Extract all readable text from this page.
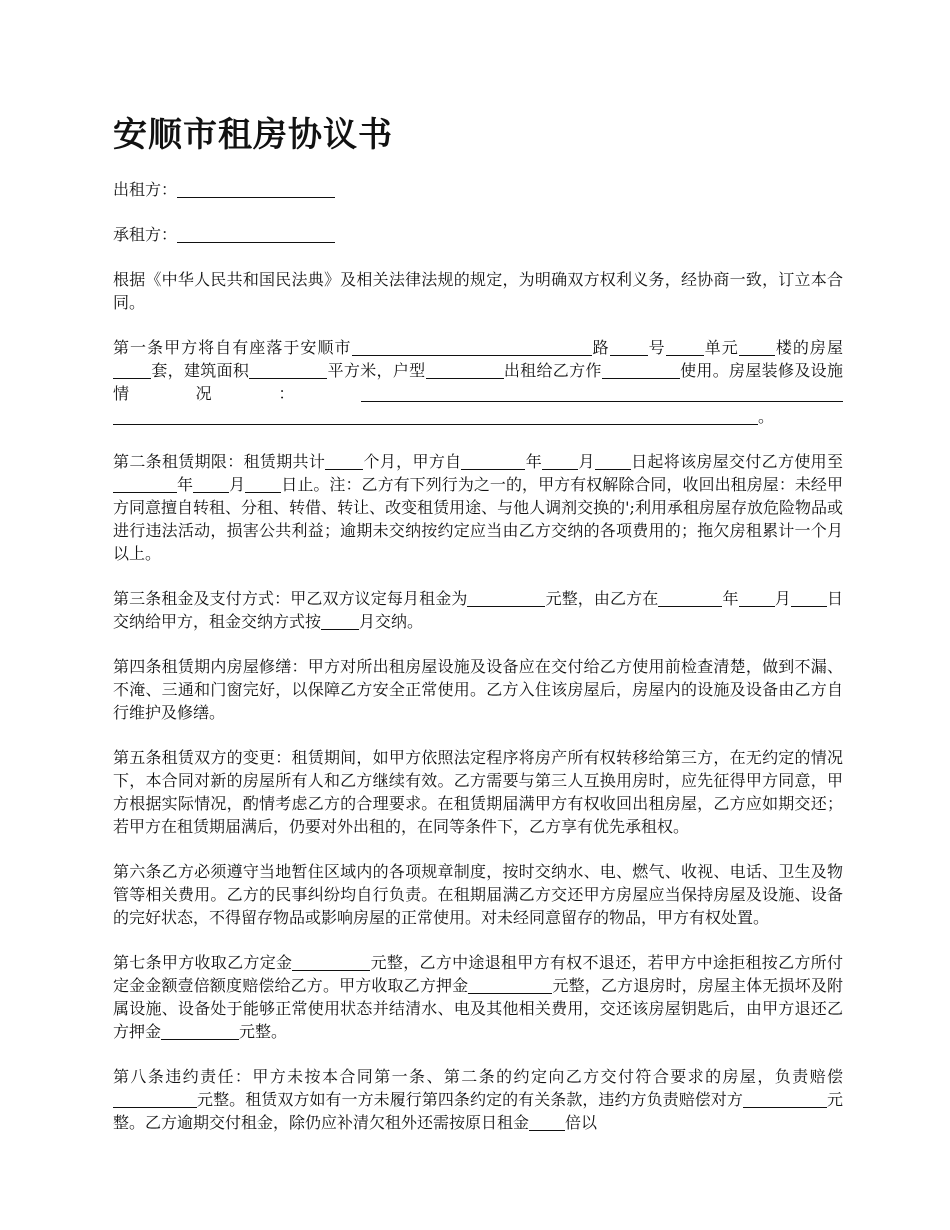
安顺市租房协议书

出租方：

承租方：

根据《中华人民共和国民法典》及相关法律法规的规定，为明确双方权利义务，经协商一致，订立本合同。

第一条甲方将自有座落于安顺市	路 号 单元 楼的房屋套，建筑面积	平方米，户型	出租给乙方作	使用。房屋装修及设施情况：。

第二条租赁期限：租赁期共计 个月，甲方自	年 月 日起将该房屋交付乙方使用至年 月 日止。注：乙方有下列行为之一的，甲方有权解除合同，收回出租房屋：未经甲方同意擅自转租、分租、转借、转让、改变租赁用途、与他人调剂交换的';利用承租房屋存放危险物品或进行违法活动，损害公共利益；逾期未交纳按约定应当由乙方交纳的各项费用的；拖欠房租累计一个月以上。

第三条租金及支付方式：甲乙双方议定每月租金为	元整，由乙方在	年 月 日交纳给甲方，租金交纳方式按 月交纳。

第四条租赁期内房屋修缮：甲方对所出租房屋设施及设备应在交付给乙方使用前检查清楚，做到不漏、不淹、三通和门窗完好，以保障乙方安全正常使用。乙方入住该房屋后，房屋内的设施及设备由乙方自行维护及修缮。

第五条租赁双方的变更：租赁期间，如甲方依照法定程序将房产所有权转移给第三方，在无约定的情况下，本合同对新的房屋所有人和乙方继续有效。乙方需要与第三人互换用房时，应先征得甲方同意，甲方根据实际情况，酌情考虑乙方的合理要求。在租赁期届满甲方有权收回出租房屋，乙方应如期交还；若甲方在租赁期届满后，仍要对外出租的，在同等条件下，乙方享有优先承租权。

第六条乙方必须遵守当地暂住区域内的各项规章制度，按时交纳水、电、燃气、收视、电话、卫生及物管等相关费用。乙方的民事纠纷均自行负责。在租期届满乙方交还甲方房屋应当保持房屋及设施、设备的完好状态，不得留存物品或影响房屋的正常使用。对未经同意留存的物品，甲方有权处置。

第七条甲方收取乙方定金	元整，乙方中途退租甲方有权不退还，若甲方中途拒租按乙方所付定金金额壹倍额度赔偿给乙方。甲方收取乙方押金	元整，乙方退房时，房屋主体无损坏及附属设施、设备处于能够正常使用状态并结清水、电及其他相关费用，交还该房屋钥匙后，由甲方退还乙方押金	元整。

第八条违约责任：甲方未按本合同第一条、第二条的约定向乙方交付符合要求的房屋，负责赔偿元整。租赁双方如有一方未履行第四条约定的有关条款，违约方负责赔偿对方	元整。乙方逾期交付租金，除仍应补清欠租外还需按原日租金 倍以
